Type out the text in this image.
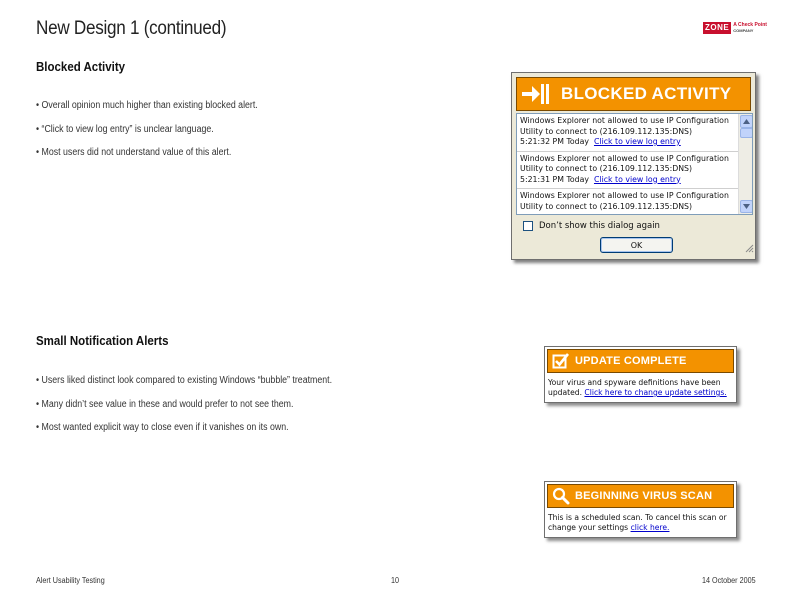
New Design 1 (continued)	ZONE A Check Point
COMPANY
Blocked Activity
• Overall opinion much higher than existing blocked alert.
• “Click to view log entry” is unclear language.
• Most users did not understand value of this alert.
BLOCKED ACTIVITY
Windows Explorer not allowed to use IP Configuration
Utility to connect to (216.109.112.135:DNS)
5:21:32 PM Today Click to view log entry
Windows Explorer not allowed to use IP Configuration
Utility to connect to (216.109.112.135:DNS)
5:21:31 PM Today Click to view log entry
Windows Explorer not allowed to use IP Configuration
Utility to connect to (216.109.112.135:DNS)
Don’t show this dialog again
OK
Small Notification Alerts
• Users liked distinct look compared to existing Windows “bubble” treatment.
• Many didn’t see value in these and would prefer to not see them.
• Most wanted explicit way to close even if it vanishes on its own.
UPDATE COMPLETE
Your virus and spyware definitions have been updated. Click here to change update settings.
BEGINNING VIRUS SCAN
This is a scheduled scan. To cancel this scan or change your settings click here.
Alert Usability Testing	10	14 October 2005
